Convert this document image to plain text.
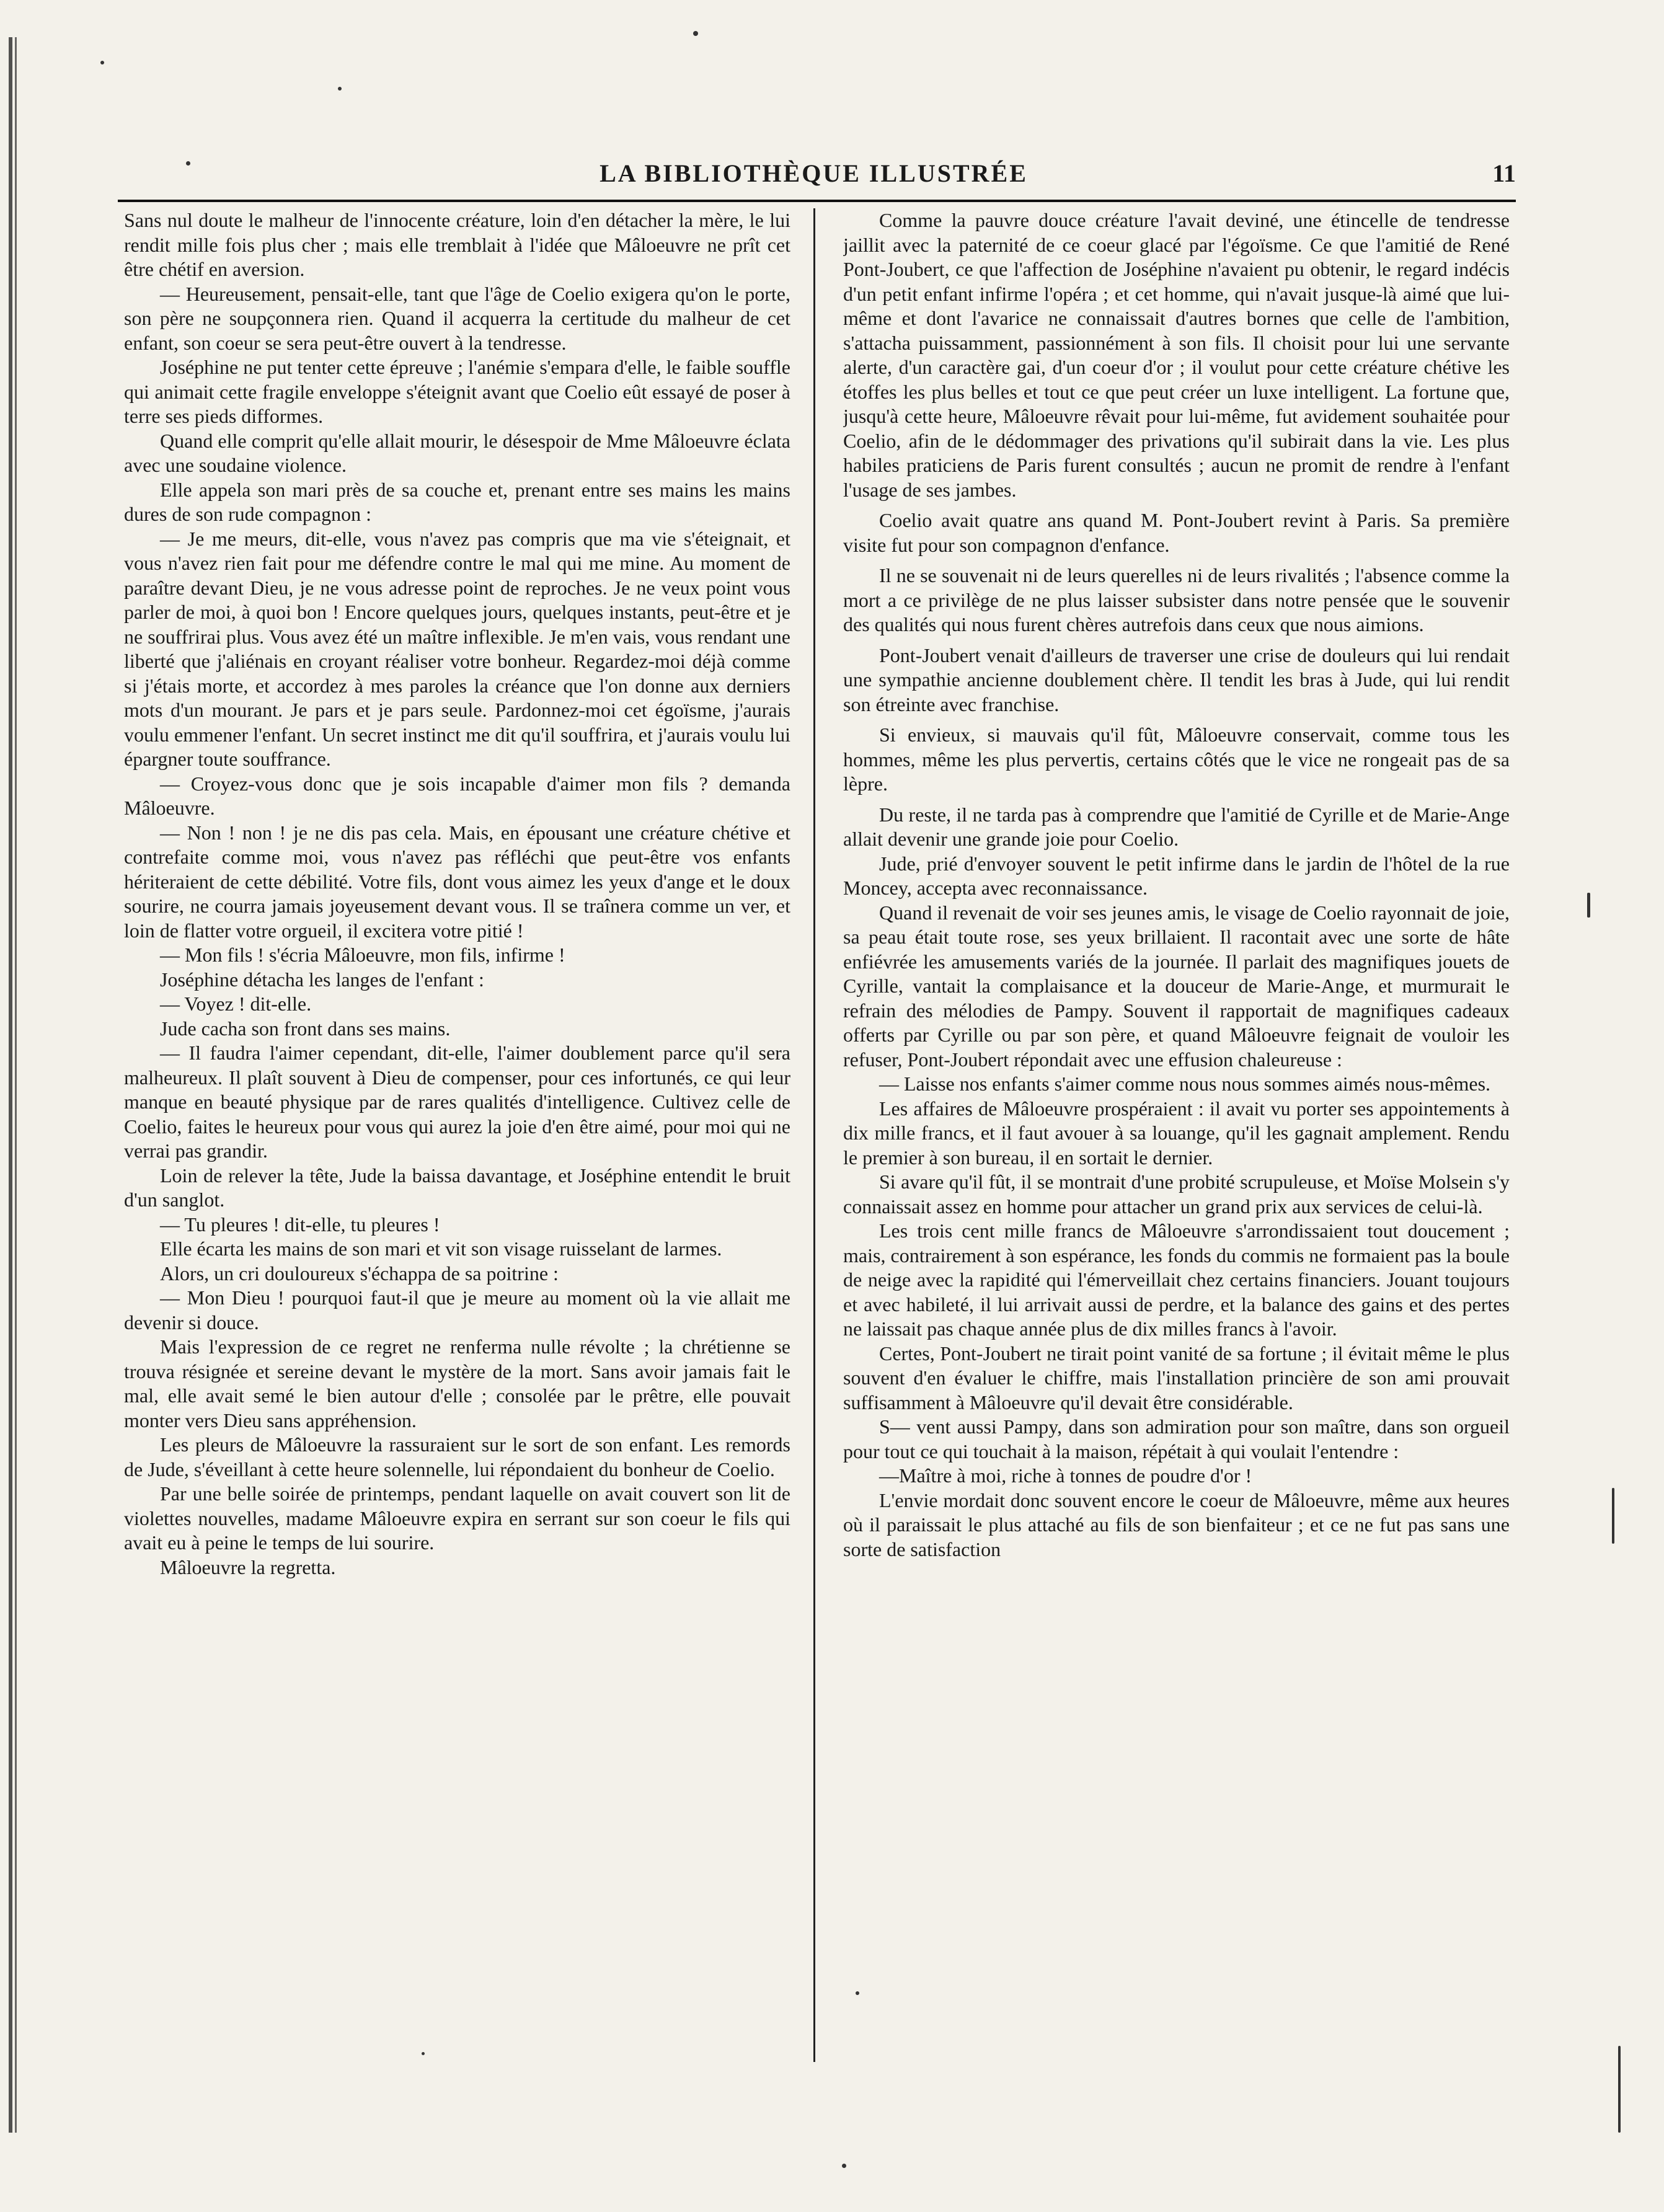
LA BIBLIOTHÈQUE ILLUSTRÉE	11

Sans nul doute le malheur de l'innocente créature, loin d'en détacher la mère, le lui rendit mille fois plus cher ; mais elle tremblait à l'idée que Mâloeuvre ne prît cet être chétif en aversion.

— Heureusement, pensait-elle, tant que l'âge de Coelio exigera qu'on le porte, son père ne soupçonnera rien. Quand il acquerra la certitude du malheur de cet enfant, son coeur se sera peut-être ouvert à la tendresse.

Joséphine ne put tenter cette épreuve ; l'anémie s'empara d'elle, le faible souffle qui animait cette fragile enveloppe s'éteignit avant que Coelio eût essayé de poser à terre ses pieds difformes.

Quand elle comprit qu'elle allait mourir, le désespoir de Mme Mâloeuvre éclata avec une soudaine violence.

Elle appela son mari près de sa couche et, prenant entre ses mains les mains dures de son rude compagnon :

— Je me meurs, dit-elle, vous n'avez pas compris que ma vie s'éteignait, et vous n'avez rien fait pour me défendre contre le mal qui me mine. Au moment de paraître devant Dieu, je ne vous adresse point de reproches. Je ne veux point vous parler de moi, à quoi bon ! Encore quelques jours, quelques instants, peut-être et je ne souffrirai plus. Vous avez été un maître inflexible. Je m'en vais, vous rendant une liberté que j'aliénais en croyant réaliser votre bonheur. Regardez-moi déjà comme si j'étais morte, et accordez à mes paroles la créance que l'on donne aux derniers mots d'un mourant. Je pars et je pars seule. Pardonnez-moi cet égoïsme, j'aurais voulu emmener l'enfant. Un secret instinct me dit qu'il souffrira, et j'aurais voulu lui épargner toute souffrance.

— Croyez-vous donc que je sois incapable d'aimer mon fils ? demanda Mâloeuvre.

— Non ! non ! je ne dis pas cela. Mais, en épousant une créature chétive et contrefaite comme moi, vous n'avez pas réfléchi que peut-être vos enfants hériteraient de cette débilité. Votre fils, dont vous aimez les yeux d'ange et le doux sourire, ne courra jamais joyeusement devant vous. Il se traînera comme un ver, et loin de flatter votre orgueil, il excitera votre pitié !

— Mon fils ! s'écria Mâloeuvre, mon fils, infirme !

Joséphine détacha les langes de l'enfant :

— Voyez ! dit-elle.

Jude cacha son front dans ses mains.

— Il faudra l'aimer cependant, dit-elle, l'aimer doublement parce qu'il sera malheureux. Il plaît souvent à Dieu de compenser, pour ces infortunés, ce qui leur manque en beauté physique par de rares qualités d'intelligence. Cultivez celle de Coelio, faites le heureux pour vous qui aurez la joie d'en être aimé, pour moi qui ne verrai pas grandir.

Loin de relever la tête, Jude la baissa davantage, et Joséphine entendit le bruit d'un sanglot.

— Tu pleures ! dit-elle, tu pleures !

Elle écarta les mains de son mari et vit son visage ruisselant de larmes.

Alors, un cri douloureux s'échappa de sa poitrine :

— Mon Dieu ! pourquoi faut-il que je meure au moment où la vie allait me devenir si douce.

Mais l'expression de ce regret ne renferma nulle révolte ; la chrétienne se trouva résignée et sereine devant le mystère de la mort. Sans avoir jamais fait le mal, elle avait semé le bien autour d'elle ; consolée par le prêtre, elle pouvait monter vers Dieu sans appréhension.

Les pleurs de Mâloeuvre la rassuraient sur le sort de son enfant. Les remords de Jude, s'éveillant à cette heure solennelle, lui répondaient du bonheur de Coelio.

Par une belle soirée de printemps, pendant laquelle on avait couvert son lit de violettes nouvelles, madame Mâloeuvre expira en serrant sur son coeur le fils qui avait eu à peine le temps de lui sourire.

Mâloeuvre la regretta.

Comme la pauvre douce créature l'avait deviné, une étincelle de tendresse jaillit avec la paternité de ce coeur glacé par l'égoïsme. Ce que l'amitié de René Pont-Joubert, ce que l'affection de Joséphine n'avaient pu obtenir, le regard indécis d'un petit enfant infirme l'opéra ; et cet homme, qui n'avait jusque-là aimé que lui-même et dont l'avarice ne connaissait d'autres bornes que celle de l'ambition, s'attacha puissamment, passionnément à son fils. Il choisit pour lui une servante alerte, d'un caractère gai, d'un coeur d'or ; il voulut pour cette créature chétive les étoffes les plus belles et tout ce que peut créer un luxe intelligent. La fortune que, jusqu'à cette heure, Mâloeuvre rêvait pour lui-même, fut avidement souhaitée pour Coelio, afin de le dédommager des privations qu'il subirait dans la vie. Les plus habiles praticiens de Paris furent consultés ; aucun ne promit de rendre à l'enfant l'usage de ses jambes.

Coelio avait quatre ans quand M. Pont-Joubert revint à Paris. Sa première visite fut pour son compagnon d'enfance.

Il ne se souvenait ni de leurs querelles ni de leurs rivalités ; l'absence comme la mort a ce privilège de ne plus laisser subsister dans notre pensée que le souvenir des qualités qui nous furent chères autrefois dans ceux que nous aimions.

Pont-Joubert venait d'ailleurs de traverser une crise de douleurs qui lui rendait une sympathie ancienne doublement chère. Il tendit les bras à Jude, qui lui rendit son étreinte avec franchise.

Si envieux, si mauvais qu'il fût, Mâloeuvre conservait, comme tous les hommes, même les plus pervertis, certains côtés que le vice ne rongeait pas de sa lèpre.

Du reste, il ne tarda pas à comprendre que l'amitié de Cyrille et de Marie-Ange allait devenir une grande joie pour Coelio.

Jude, prié d'envoyer souvent le petit infirme dans le jardin de l'hôtel de la rue Moncey, accepta avec reconnaissance.

Quand il revenait de voir ses jeunes amis, le visage de Coelio rayonnait de joie, sa peau était toute rose, ses yeux brillaient. Il racontait avec une sorte de hâte enfiévrée les amusements variés de la journée. Il parlait des magnifiques jouets de Cyrille, vantait la complaisance et la douceur de Marie-Ange, et murmurait le refrain des mélodies de Pampy. Souvent il rapportait de magnifiques cadeaux offerts par Cyrille ou par son père, et quand Mâloeuvre feignait de vouloir les refuser, Pont-Joubert répondait avec une effusion chaleureuse :

— Laisse nos enfants s'aimer comme nous nous sommes aimés nous-mêmes.

Les affaires de Mâloeuvre prospéraient : il avait vu porter ses appointements à dix mille francs, et il faut avouer à sa louange, qu'il les gagnait amplement. Rendu le premier à son bureau, il en sortait le dernier.

Si avare qu'il fût, il se montrait d'une probité scrupuleuse, et Moïse Molsein s'y connaissait assez en homme pour attacher un grand prix aux services de celui-là.

Les trois cent mille francs de Mâloeuvre s'arrondissaient tout doucement ; mais, contrairement à son espérance, les fonds du commis ne formaient pas la boule de neige avec la rapidité qui l'émerveillait chez certains financiers. Jouant toujours et avec habileté, il lui arrivait aussi de perdre, et la balance des gains et des pertes ne laissait pas chaque année plus de dix milles francs à l'avoir.

Certes, Pont-Joubert ne tirait point vanité de sa fortune ; il évitait même le plus souvent d'en évaluer le chiffre, mais l'installation princière de son ami prouvait suffisamment à Mâloeuvre qu'il devait être considérable.

S— vent aussi Pampy, dans son admiration pour son maître, dans son orgueil pour tout ce qui touchait à la maison, répétait à qui voulait l'entendre :

—Maître à moi, riche à tonnes de poudre d'or !

L'envie mordait donc souvent encore le coeur de Mâloeuvre, même aux heures où il paraissait le plus attaché au fils de son bienfaiteur ; et ce ne fut pas sans une sorte de satisfaction
